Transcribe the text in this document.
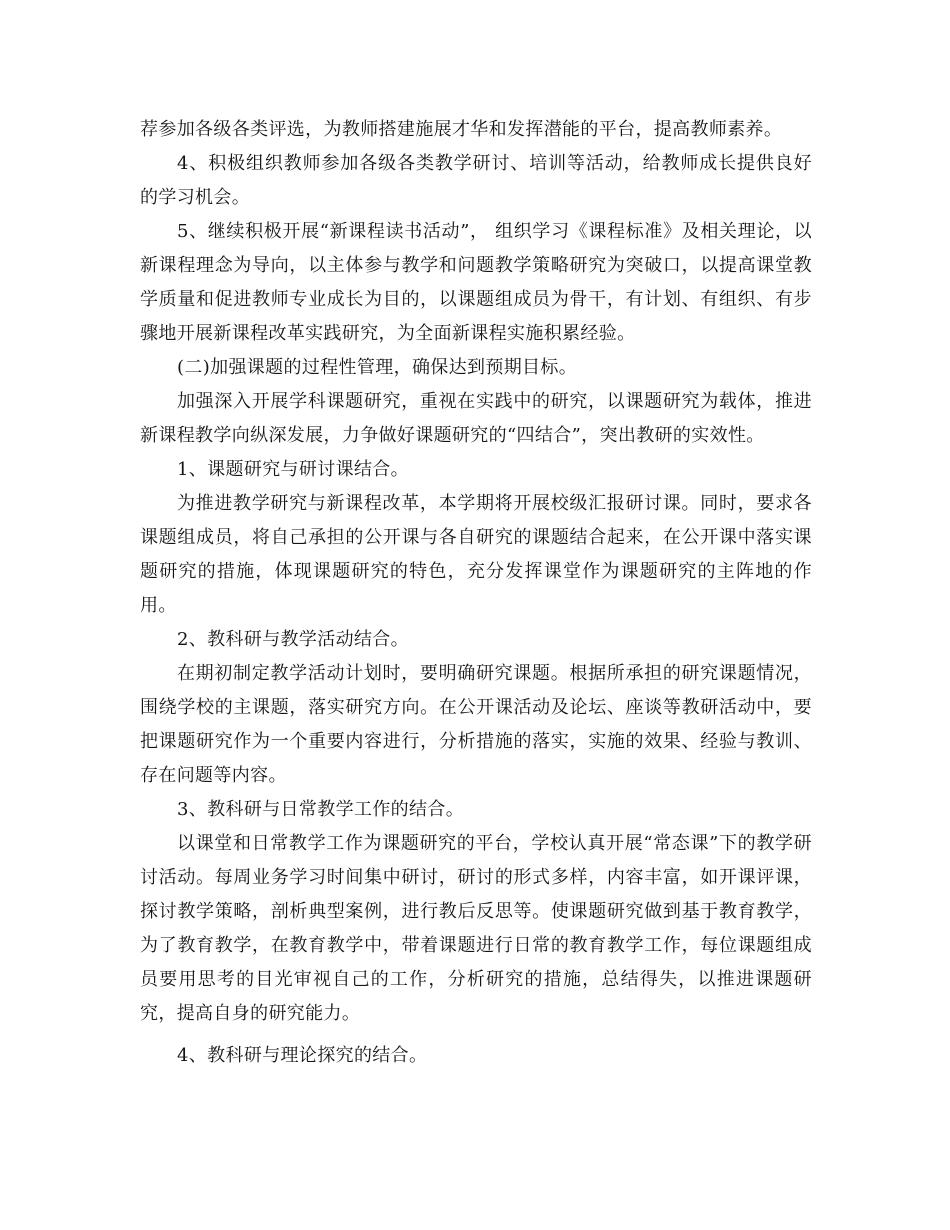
荐参加各级各类评选，为教师搭建施展才华和发挥潜能的平台，提高教师素养。

4、积极组织教师参加各级各类教学研讨、培训等活动，给教师成长提供良好的学习机会。

5、继续积极开展“新课程读书活动”， 组织学习《课程标准》及相关理论，以新课程理念为导向，以主体参与教学和问题教学策略研究为突破口，以提高课堂教学质量和促进教师专业成长为目的，以课题组成员为骨干，有计划、有组织、有步骤地开展新课程改革实践研究，为全面新课程实施积累经验。

(二)加强课题的过程性管理，确保达到预期目标。

加强深入开展学科课题研究，重视在实践中的研究，以课题研究为载体，推进新课程教学向纵深发展，力争做好课题研究的“四结合”，突出教研的实效性。

1、课题研究与研讨课结合。

为推进教学研究与新课程改革，本学期将开展校级汇报研讨课。同时，要求各课题组成员，将自己承担的公开课与各自研究的课题结合起来，在公开课中落实课题研究的措施，体现课题研究的特色，充分发挥课堂作为课题研究的主阵地的作用。

2、教科研与教学活动结合。

在期初制定教学活动计划时，要明确研究课题。根据所承担的研究课题情况，围绕学校的主课题，落实研究方向。在公开课活动及论坛、座谈等教研活动中，要把课题研究作为一个重要内容进行，分析措施的落实，实施的效果、经验与教训、存在问题等内容。

3、教科研与日常教学工作的结合。

以课堂和日常教学工作为课题研究的平台，学校认真开展“常态课”下的教学研讨活动。每周业务学习时间集中研讨，研讨的形式多样，内容丰富，如开课评课，探讨教学策略，剖析典型案例，进行教后反思等。使课题研究做到基于教育教学，为了教育教学，在教育教学中，带着课题进行日常的教育教学工作，每位课题组成员要用思考的目光审视自己的工作，分析研究的措施，总结得失，以推进课题研究，提高自身的研究能力。

4、教科研与理论探究的结合。
